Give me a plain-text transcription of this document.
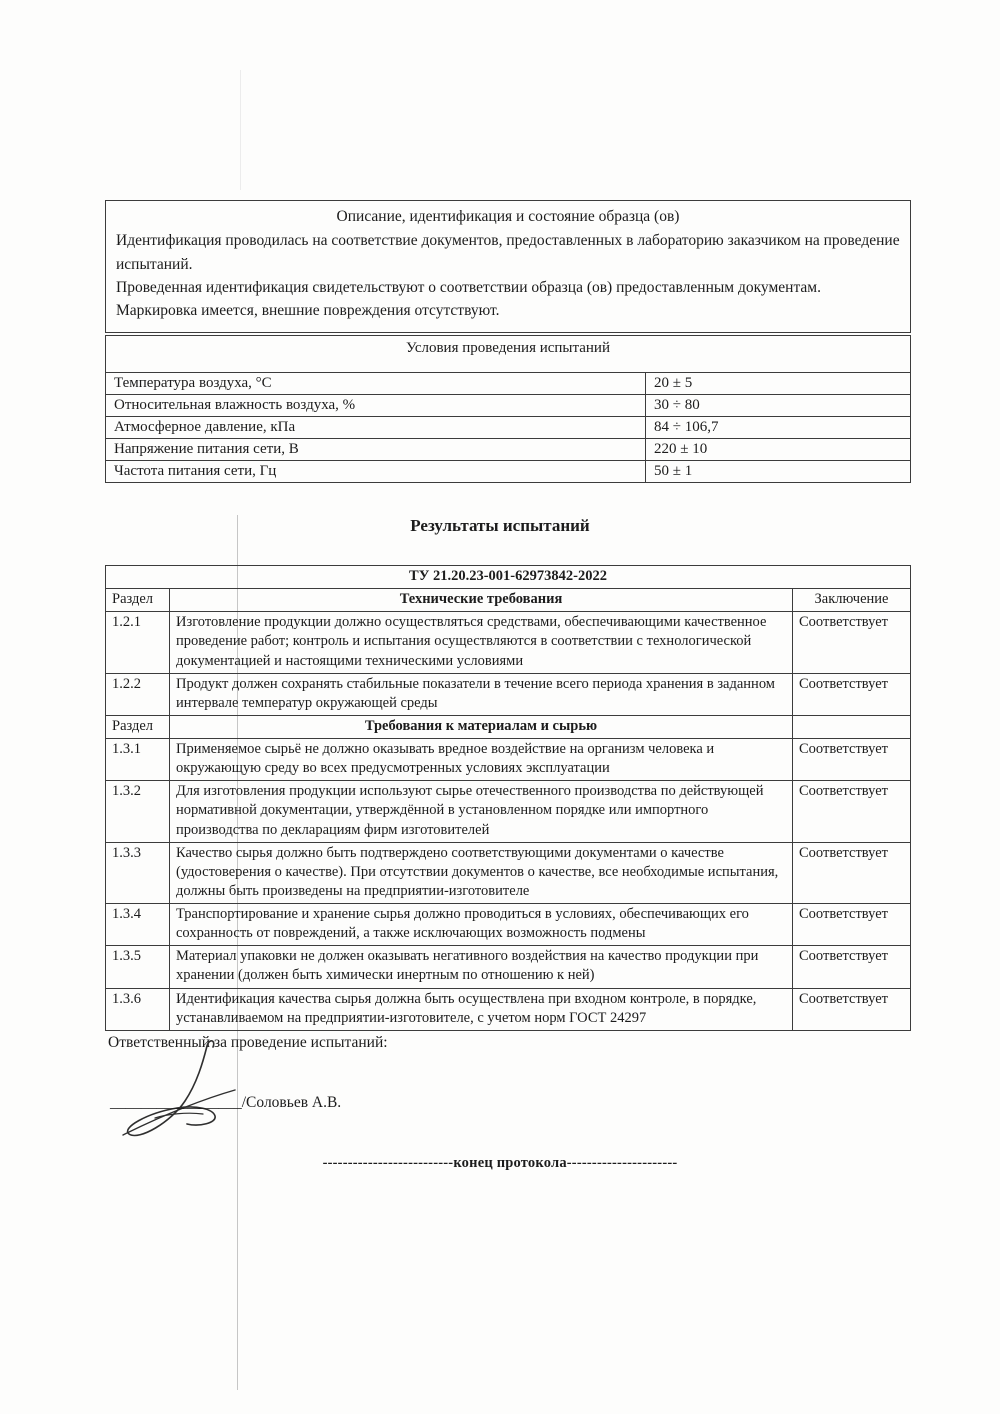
Описание, идентификация и состояние образца (ов)

Идентификация проводилась на соответствие документов, предоставленных в лабораторию заказчиком на проведение испытаний.

Проведенная идентификация свидетельствуют о соответствии образца (ов) предоставленным документам.

Маркировка имеется, внешние повреждения отсутствуют.

Условия проведения испытаний	
Температура воздуха, °С	20 ± 5
Относительная влажность воздуха, %	30 ÷ 80
Атмосферное давление, кПа	84 ÷ 106,7
Напряжение питания сети, В	220 ± 10
Частота питания сети, Гц	50 ± 1
Результаты испытаний
ТУ 21.20.23-001-62973842-2022		
Раздел	Технические требования	Заключение
1.2.1	Изготовление продукции должно осуществляться средствами, обеспечивающими качественное проведение работ; контроль и испытания осуществляются в соответствии с технологической документацией и настоящими техническими условиями	Соответствует
1.2.2	Продукт должен сохранять стабильные показатели в течение всего периода хранения в заданном интервале температур окружающей среды	Соответствует
Раздел	Требования к материалам и сырью	
1.3.1	Применяемое сырьё не должно оказывать вредное воздействие на организм человека и окружающую среду во всех предусмотренных условиях эксплуатации	Соответствует
1.3.2	Для изготовления продукции используют сырье отечественного производства по действующей нормативной документации, утверждённой в установленном порядке или импортного производства по декларациям фирм изготовителей	Соответствует
1.3.3	Качество сырья должно быть подтверждено соответствующими документами о качестве (удостоверения о качестве). При отсутствии документов о качестве, все необходимые испытания, должны быть произведены на предприятии-изготовителе	Соответствует
1.3.4	Транспортирование и хранение сырья должно проводиться в условиях, обеспечивающих его сохранность от повреждений, а также исключающих возможность подмены	Соответствует
1.3.5	Материал упаковки не должен оказывать негативного воздействия на качество продукции при хранении (должен быть химически инертным по отношению к ней)	Соответствует
1.3.6	Идентификация качества сырья должна быть осуществлена при входном контроле, в порядке, устанавливаемом на предприятии-изготовителе, с учетом норм ГОСТ 24297	Соответствует
Ответственный за проведение испытаний:
_________________/Соловьев А.В.
--------------------------конец протокола----------------------
